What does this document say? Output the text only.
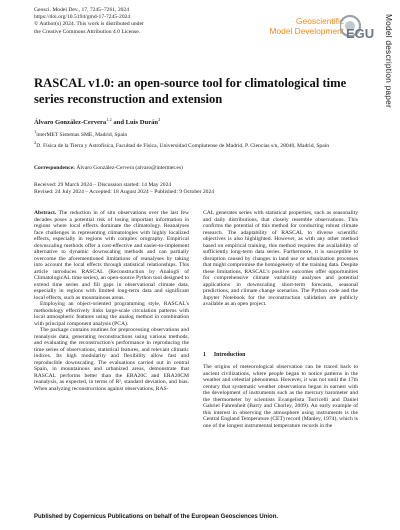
Geosci. Model Dev., 17, 7245–7261, 2024
https://doi.org/10.5194/gmd-17-7245-2024
© Author(s) 2024. This work is distributed under
the Creative Commons Attribution 4.0 License.
Geoscientific
Model Development EGU	Model description paper
RASCAL v1.0: an open-source tool for climatological time series reconstruction and extension
Álvaro González-Cervera$^{1,2}$ and Luis Durán$^2$
$^1$interMET Sistemas SME, Madrid, Spain
$^2$D. Física de la Tierra y Astrofísica, Facultad de Física, Universidad Complutense de Madrid, P. Ciencias s/n, 28040, Madrid, Spain
Correspondence: Álvaro González-Cervera (alvaro@intermet.es)
Received: 29 March 2024 – Discussion started: 14 May 2024
Revised: 24 July 2024 – Accepted: 18 August 2024 – Published: 9 October 2024

Abstract. The reduction in of situ observations over the last few decades poses a potential risk of losing important information in regions where local effects dominate the climatology. Reanalyses face challenges in representing climatologies with highly localized effects, especially in regions with complex orography. Empirical downscaling methods offer a cost-effective and easier-to-implement alternative to dynamic downscaling methods and can partially overcome the aforementioned limitations of reanalyses by taking into account the local effects through statistical relationships. This article introduces RASCAL (Reconstruction by AnalogS of ClimatologicAL time series), an open-source Python tool designed to extend time series and fill gaps in observational climate data, especially in regions with limited long-term data and significant local effects, such as mountainous areas.

Employing an object-oriented programming style, RASCAL's methodology effectively links large-scale circulation patterns with local atmospheric features using the analog method in combination with principal component analysis (PCA).

The package contains routines for preprocessing observations and reanalysis data, generating reconstructions using various methods, and evaluating the reconstruction's performance in reproducing the time series of observations, statistical features, and relevant climatic indices. Its high modularity and flexibility allow fast and reproducible downscaling. The evaluations carried out in central Spain, in mountainous and urbanized areas, demonstrate that RASCAL performs better than the ERA20C and ERA20CM reanalysis, as expected, in terms of R², standard deviation, and bias. When analyzing reconstructions against observations, RAS-

CAL generates series with statistical properties, such as seasonality and daily distributions, that closely resemble observations. This confirms the potential of this method for conducting robust climate research. The adaptability of RASCAL to diverse scientific objectives is also highlighted. However, as with any other method based on empirical training, this method requires the availability of sufficiently long-term data series. Furthermore, it is susceptible to disruption caused by changes in land use or urbanization processes that might compromise the homogeneity of the training data. Despite these limitations, RASCAL's positive outcomes offer opportunities for comprehensive climate variability analyses and potential applications in downscaling short-term forecasts, seasonal predictions, and climate change scenarios. The Python code and the Jupyter Notebook for the reconstruction validation are publicly available as an open project.

1 Introduction

The origins of meteorological observation can be traced back to ancient civilizations, where people began to notice patterns in the weather and celestial phenomena. However, it was not until the 17th century that systematic weather observations began in earnest with the development of instruments such as the mercury barometer and the thermometer by scientists Evangelista Torricelli and Daniel Gabriel Fahrenheit (Barry and Chorley, 2009). An early example of this interest in observing the atmosphere using instruments is the Central England Temperature (CET) record (Manley, 1974), which is one of the longest instrumental temperature records in the

Published by Copernicus Publications on behalf of the European Geosciences Union.
